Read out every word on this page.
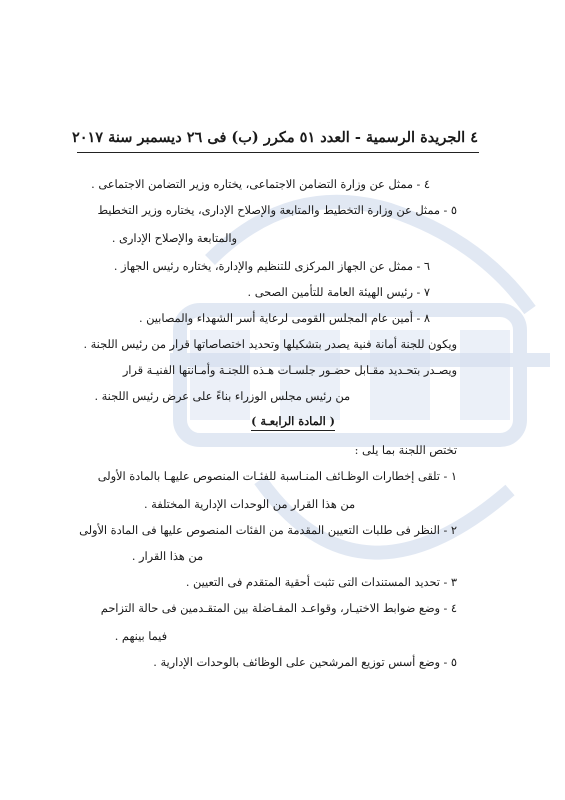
٤ الجريدة الرسمية - العدد ٥١ مكرر (ب) فى ٢٦ ديسمبر سنة ٢٠١٧
٤ - ممثل عن وزارة التضامن الاجتماعى، يختاره وزير التضامن الاجتماعى .
٥ - ممثل عن وزارة التخطيط والمتابعة والإصلاح الإدارى، يختاره وزير التخطيط
والمتابعة والإصلاح الإدارى .
٦ - ممثل عن الجهاز المركزى للتنظيم والإدارة، يختاره رئيس الجهاز .
٧ - رئيس الهيئة العامة للتأمين الصحى .
٨ - أمين عام المجلس القومى لرعاية أسر الشهداء والمصابين .
ويكون للجنة أمانة فنية يصدر بتشكيلها وتحديد اختصاصاتها قرار من رئيس اللجنة .
ويصـدر بتحـديد مقـابل حضـور جلسـات هـذه اللجنـة وأمـانتها الفنيـة قرار
من رئيس مجلس الوزراء بناءً على عرض رئيس اللجنة .
( المادة الرابعـة )
تختص اللجنة بما يلى :
١ - تلقى إخطارات الوظـائف المنـاسبة للفئـات المنصوص عليهـا بالمادة الأولى
من هذا القرار من الوحدات الإدارية المختلفة .
٢ - النظر فى طلبات التعيين المقدمة من الفئات المنصوص عليها فى المادة الأولى
من هذا القرار .
٣ - تحديد المستندات التى تثبت أحقية المتقدم فى التعيين .
٤ - وضع ضوابط الاختيـار، وقواعـد المفـاضلة بين المتقـدمين فى حالة التزاحم
فيما بينهم .
٥ - وضع أسس توزيع المرشحين على الوظائف بالوحدات الإدارية .
